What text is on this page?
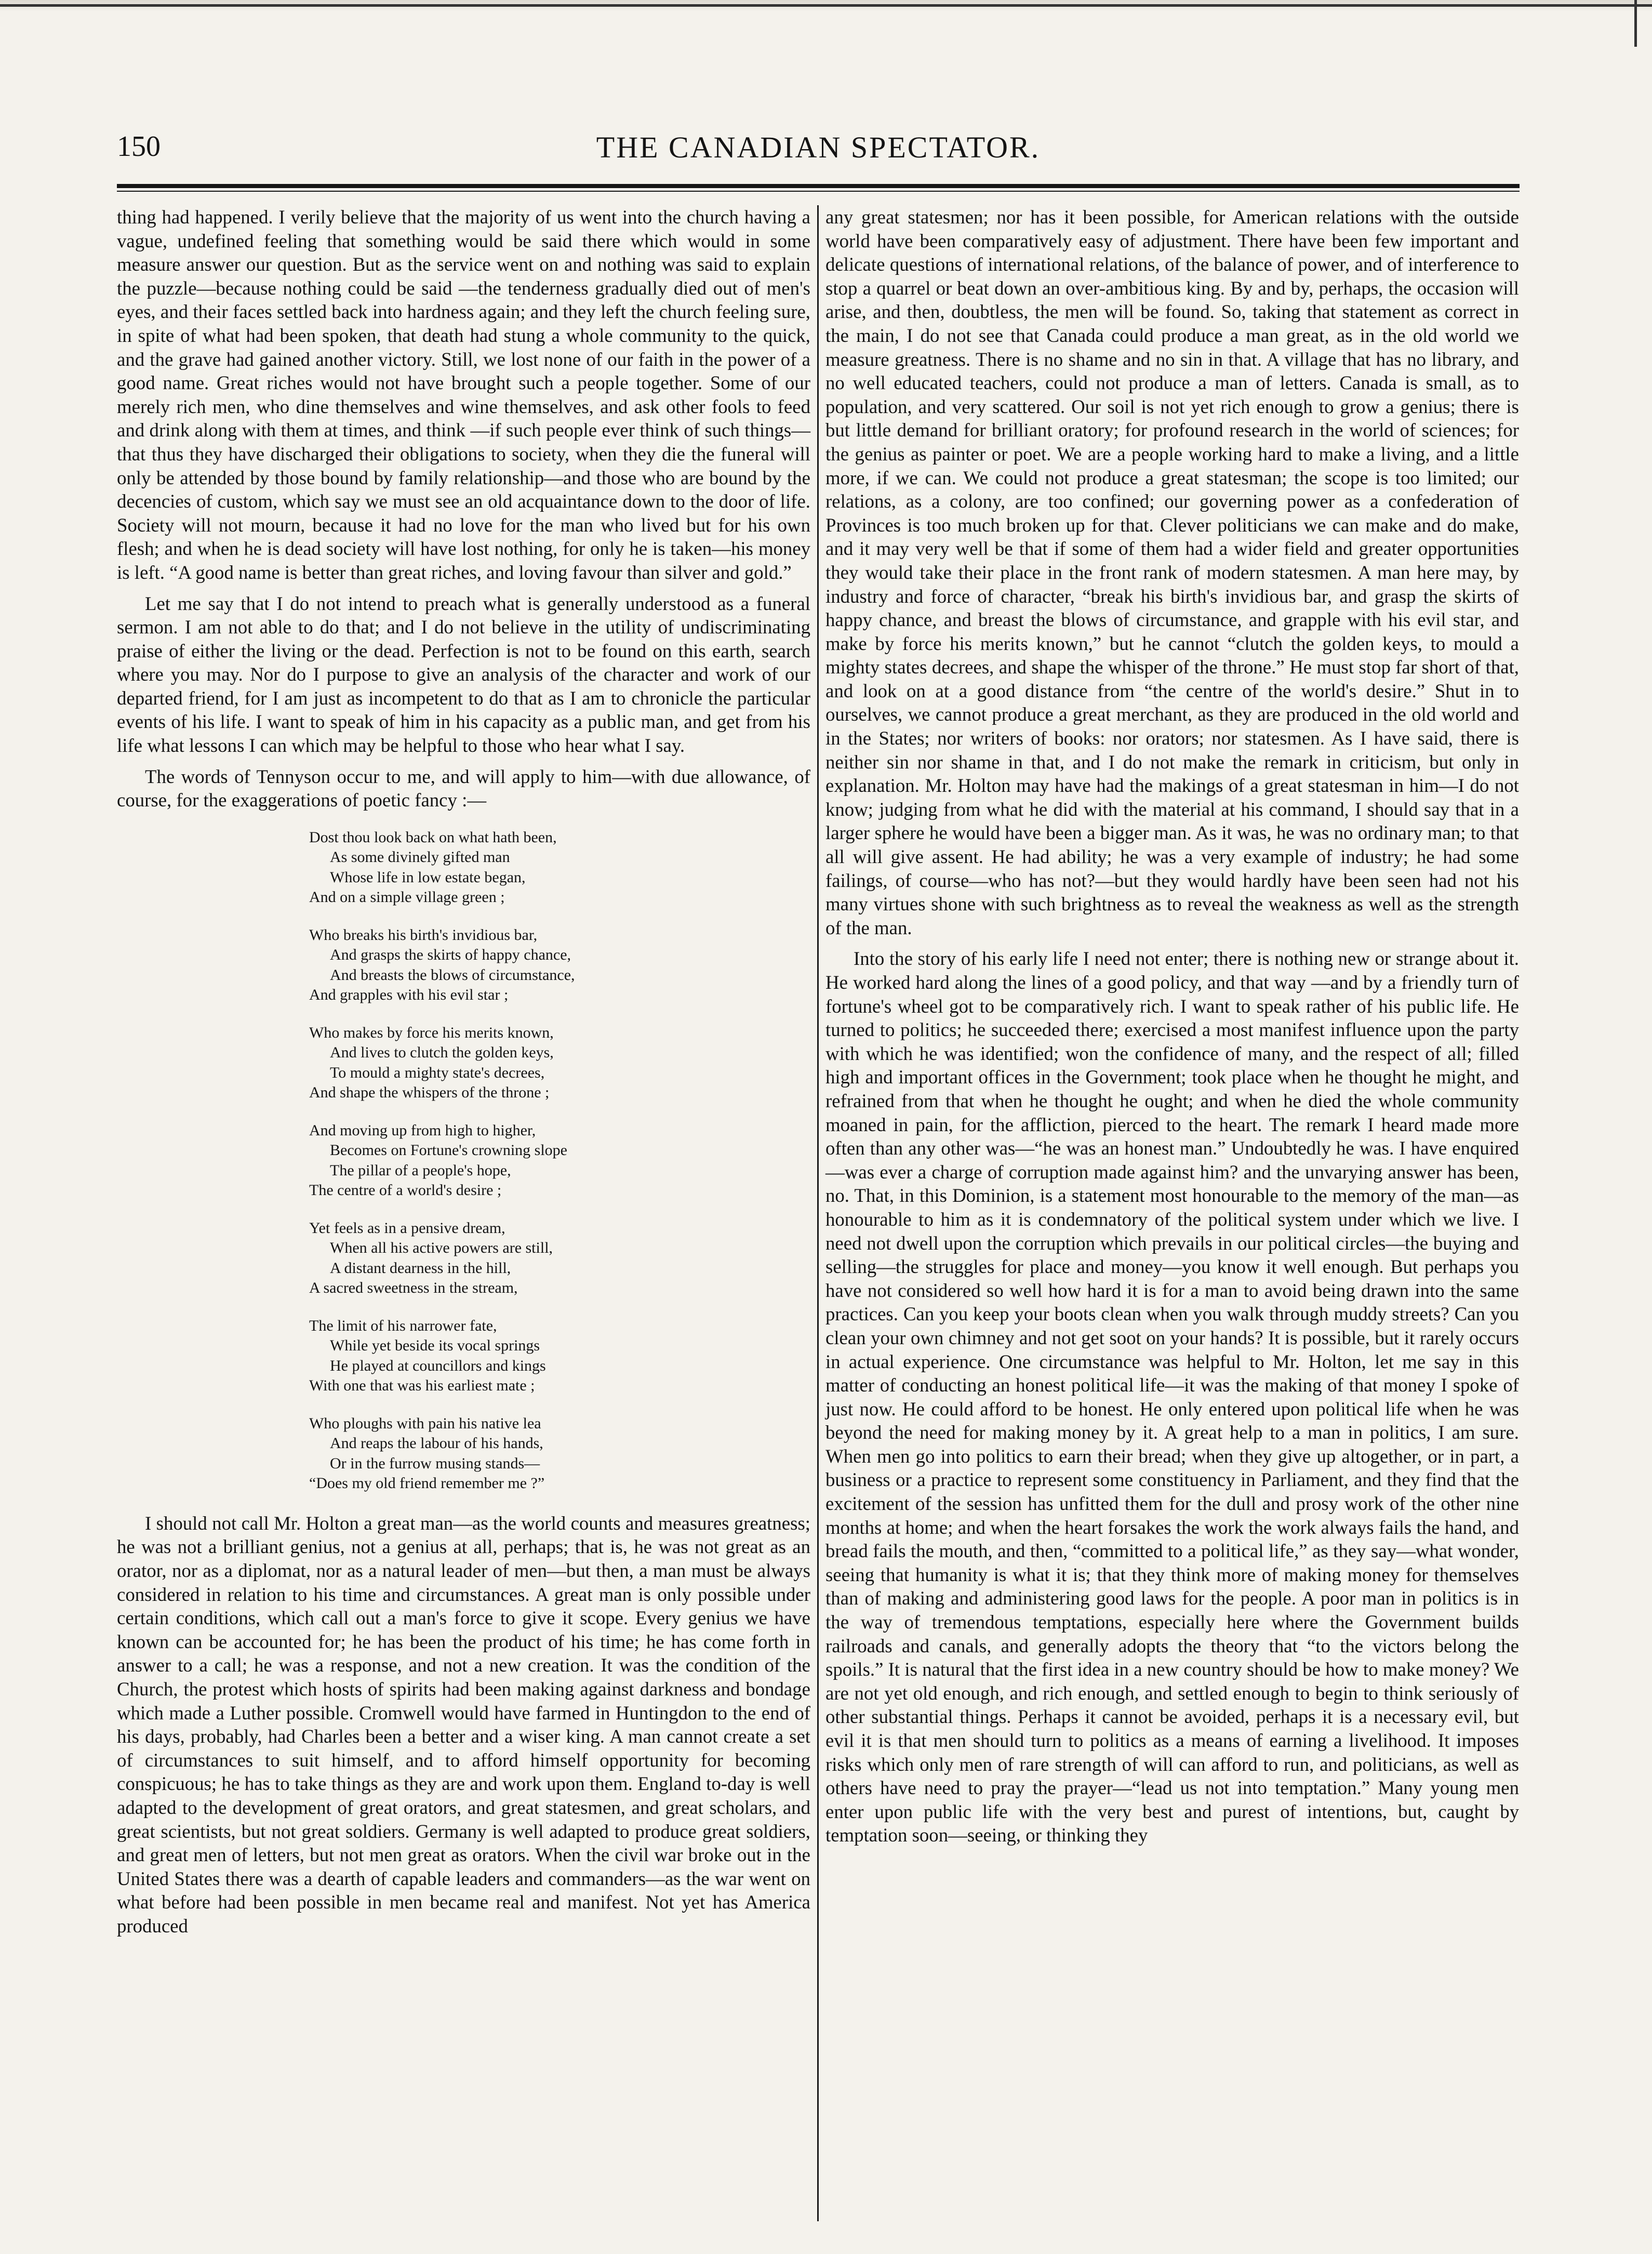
150	THE CANADIAN SPECTATOR.

thing had happened. I verily believe that the majority of us went into the church having a vague, undefined feeling that something would be said there which would in some measure answer our question. But as the service went on and nothing was said to explain the puzzle—because nothing could be said —the tenderness gradually died out of men's eyes, and their faces settled back into hardness again; and they left the church feeling sure, in spite of what had been spoken, that death had stung a whole community to the quick, and the grave had gained another victory. Still, we lost none of our faith in the power of a good name. Great riches would not have brought such a people together. Some of our merely rich men, who dine themselves and wine themselves, and ask other fools to feed and drink along with them at times, and think —if such people ever think of such things—that thus they have discharged their obligations to society, when they die the funeral will only be attended by those bound by family relationship—and those who are bound by the decencies of custom, which say we must see an old acquaintance down to the door of life. Society will not mourn, because it had no love for the man who lived but for his own flesh; and when he is dead society will have lost nothing, for only he is taken—his money is left. “A good name is better than great riches, and loving favour than silver and gold.”

Let me say that I do not intend to preach what is generally understood as a funeral sermon. I am not able to do that; and I do not believe in the utility of undiscriminating praise of either the living or the dead. Perfection is not to be found on this earth, search where you may. Nor do I purpose to give an analysis of the character and work of our departed friend, for I am just as incompetent to do that as I am to chronicle the particular events of his life. I want to speak of him in his capacity as a public man, and get from his life what lessons I can which may be helpful to those who hear what I say.

The words of Tennyson occur to me, and will apply to him—with due allowance, of course, for the exaggerations of poetic fancy :—

Dost thou look back on what hath been,
As some divinely gifted man
Whose life in low estate began,
And on a simple village green ;
Who breaks his birth's invidious bar,
And grasps the skirts of happy chance,
And breasts the blows of circumstance,
And grapples with his evil star ;
Who makes by force his merits known,
And lives to clutch the golden keys,
To mould a mighty state's decrees,
And shape the whispers of the throne ;
And moving up from high to higher,
Becomes on Fortune's crowning slope
The pillar of a people's hope,
The centre of a world's desire ;
Yet feels as in a pensive dream,
When all his active powers are still,
A distant dearness in the hill,
A sacred sweetness in the stream,
The limit of his narrower fate,
While yet beside its vocal springs
He played at councillors and kings
With one that was his earliest mate ;
Who ploughs with pain his native lea
And reaps the labour of his hands,
Or in the furrow musing stands—
“Does my old friend remember me ?”

I should not call Mr. Holton a great man—as the world counts and measures greatness; he was not a brilliant genius, not a genius at all, perhaps; that is, he was not great as an orator, nor as a diplomat, nor as a natural leader of men—but then, a man must be always considered in relation to his time and circumstances. A great man is only possible under certain conditions, which call out a man's force to give it scope. Every genius we have known can be accounted for; he has been the product of his time; he has come forth in answer to a call; he was a response, and not a new creation. It was the condition of the Church, the protest which hosts of spirits had been making against darkness and bondage which made a Luther possible. Cromwell would have farmed in Huntingdon to the end of his days, probably, had Charles been a better and a wiser king. A man cannot create a set of circumstances to suit himself, and to afford himself opportunity for becoming conspicuous; he has to take things as they are and work upon them. England to-day is well adapted to the development of great orators, and great statesmen, and great scholars, and great scientists, but not great soldiers. Germany is well adapted to produce great soldiers, and great men of letters, but not men great as orators. When the civil war broke out in the United States there was a dearth of capable leaders and commanders—as the war went on what before had been possible in men became real and manifest. Not yet has America produced

any great statesmen; nor has it been possible, for American relations with the outside world have been comparatively easy of adjustment. There have been few important and delicate questions of international relations, of the balance of power, and of interference to stop a quarrel or beat down an over-ambitious king. By and by, perhaps, the occasion will arise, and then, doubtless, the men will be found. So, taking that statement as correct in the main, I do not see that Canada could produce a man great, as in the old world we measure greatness. There is no shame and no sin in that. A village that has no library, and no well educated teachers, could not produce a man of letters. Canada is small, as to population, and very scattered. Our soil is not yet rich enough to grow a genius; there is but little demand for brilliant oratory; for profound research in the world of sciences; for the genius as painter or poet. We are a people working hard to make a living, and a little more, if we can. We could not produce a great statesman; the scope is too limited; our relations, as a colony, are too confined; our governing power as a confederation of Provinces is too much broken up for that. Clever politicians we can make and do make, and it may very well be that if some of them had a wider field and greater opportunities they would take their place in the front rank of modern statesmen. A man here may, by industry and force of character, “break his birth's invidious bar, and grasp the skirts of happy chance, and breast the blows of circumstance, and grapple with his evil star, and make by force his merits known,” but he cannot “clutch the golden keys, to mould a mighty states decrees, and shape the whisper of the throne.” He must stop far short of that, and look on at a good distance from “the centre of the world's desire.” Shut in to ourselves, we cannot produce a great merchant, as they are produced in the old world and in the States; nor writers of books: nor orators; nor statesmen. As I have said, there is neither sin nor shame in that, and I do not make the remark in criticism, but only in explanation. Mr. Holton may have had the makings of a great statesman in him—I do not know; judging from what he did with the material at his command, I should say that in a larger sphere he would have been a bigger man. As it was, he was no ordinary man; to that all will give assent. He had ability; he was a very example of industry; he had some failings, of course—who has not?—but they would hardly have been seen had not his many virtues shone with such brightness as to reveal the weakness as well as the strength of the man.

Into the story of his early life I need not enter; there is nothing new or strange about it. He worked hard along the lines of a good policy, and that way —and by a friendly turn of fortune's wheel got to be comparatively rich. I want to speak rather of his public life. He turned to politics; he succeeded there; exercised a most manifest influence upon the party with which he was identified; won the confidence of many, and the respect of all; filled high and important offices in the Government; took place when he thought he might, and refrained from that when he thought he ought; and when he died the whole community moaned in pain, for the affliction, pierced to the heart. The remark I heard made more often than any other was—“he was an honest man.” Undoubtedly he was. I have enquired—was ever a charge of corruption made against him? and the unvarying answer has been, no. That, in this Dominion, is a statement most honourable to the memory of the man—as honourable to him as it is condemnatory of the political system under which we live. I need not dwell upon the corruption which prevails in our political circles—the buying and selling—the struggles for place and money—you know it well enough. But perhaps you have not considered so well how hard it is for a man to avoid being drawn into the same practices. Can you keep your boots clean when you walk through muddy streets? Can you clean your own chimney and not get soot on your hands? It is possible, but it rarely occurs in actual experience. One circumstance was helpful to Mr. Holton, let me say in this matter of conducting an honest political life—it was the making of that money I spoke of just now. He could afford to be honest. He only entered upon political life when he was beyond the need for making money by it. A great help to a man in politics, I am sure. When men go into politics to earn their bread; when they give up altogether, or in part, a business or a practice to represent some constituency in Parliament, and they find that the excitement of the session has unfitted them for the dull and prosy work of the other nine months at home; and when the heart forsakes the work the work always fails the hand, and bread fails the mouth, and then, “committed to a political life,” as they say—what wonder, seeing that humanity is what it is; that they think more of making money for themselves than of making and administering good laws for the people. A poor man in politics is in the way of tremendous temptations, especially here where the Government builds railroads and canals, and generally adopts the theory that “to the victors belong the spoils.” It is natural that the first idea in a new country should be how to make money? We are not yet old enough, and rich enough, and settled enough to begin to think seriously of other substantial things. Perhaps it cannot be avoided, perhaps it is a necessary evil, but evil it is that men should turn to politics as a means of earning a livelihood. It imposes risks which only men of rare strength of will can afford to run, and politicians, as well as others have need to pray the prayer—“lead us not into temptation.” Many young men enter upon public life with the very best and purest of intentions, but, caught by temptation soon—seeing, or thinking they
